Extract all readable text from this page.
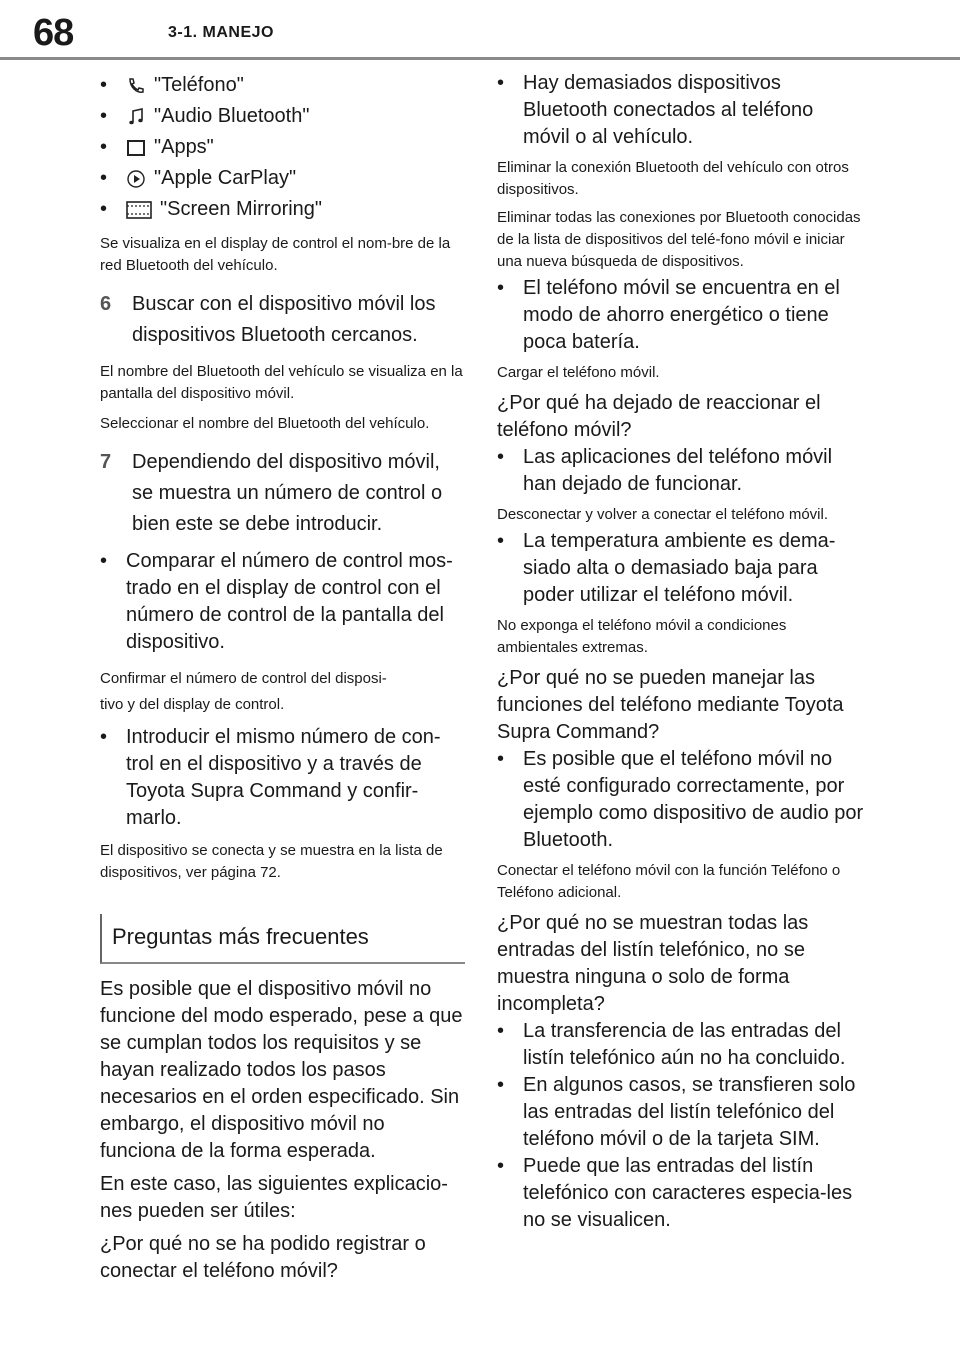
68	3-1. MANEJO
• "Teléfono"
• "Audio Bluetooth"
• "Apps"
• "Apple CarPlay"
•	"Screen Mirroring"

Se visualiza en el display de control el nom-bre de la red Bluetooth del vehículo.

6 Buscar con el dispositivo móvil los dispositivos Bluetooth cercanos.

El nombre del Bluetooth del vehículo se visualiza en la pantalla del dispositivo móvil.

Seleccionar el nombre del Bluetooth del vehículo.

7 Dependiendo del dispositivo móvil, se muestra un número de control o bien este se debe introducir.
• Comparar el número de control mos-trado en el display de control con el número de control de la pantalla del dispositivo.

Confirmar el número de control del disposi-
tivo y del display de control.

• Introducir el mismo número de con-trol en el dispositivo y a través de Toyota Supra Command y confir-marlo.

El dispositivo se conecta y se muestra en la lista de dispositivos, ver página 72.

Preguntas más frecuentes

Es posible que el dispositivo móvil no funcione del modo esperado, pese a que se cumplan todos los requisitos y se hayan realizado todos los pasos necesarios en el orden especificado. Sin embargo, el dispositivo móvil no funciona de la forma esperada.

En este caso, las siguientes explicacio-nes pueden ser útiles:

¿Por qué no se ha podido registrar o conectar el teléfono móvil?

• Hay demasiados dispositivos Bluetooth conectados al teléfono móvil o al vehículo.

Eliminar la conexión Bluetooth del vehículo con otros dispositivos.

Eliminar todas las conexiones por Bluetooth conocidas de la lista de dispositivos del telé-fono móvil e iniciar una nueva búsqueda de dispositivos.

• El teléfono móvil se encuentra en el modo de ahorro energético o tiene poca batería.

Cargar el teléfono móvil.

¿Por qué ha dejado de reaccionar el teléfono móvil?

• Las aplicaciones del teléfono móvil han dejado de funcionar.

Desconectar y volver a conectar el teléfono móvil.

• La temperatura ambiente es dema-siado alta o demasiado baja para poder utilizar el teléfono móvil.

No exponga el teléfono móvil a condiciones ambientales extremas.

¿Por qué no se pueden manejar las funciones del teléfono mediante Toyota Supra Command?

• Es posible que el teléfono móvil no esté configurado correctamente, por ejemplo como dispositivo de audio por Bluetooth.

Conectar el teléfono móvil con la función Teléfono o Teléfono adicional.

¿Por qué no se muestran todas las entradas del listín telefónico, no se muestra ninguna o solo de forma incompleta?

• La transferencia de las entradas del listín telefónico aún no ha concluido.
• En algunos casos, se transfieren solo las entradas del listín telefónico del teléfono móvil o de la tarjeta SIM.
• Puede que las entradas del listín telefónico con caracteres especia-les no se visualicen.
